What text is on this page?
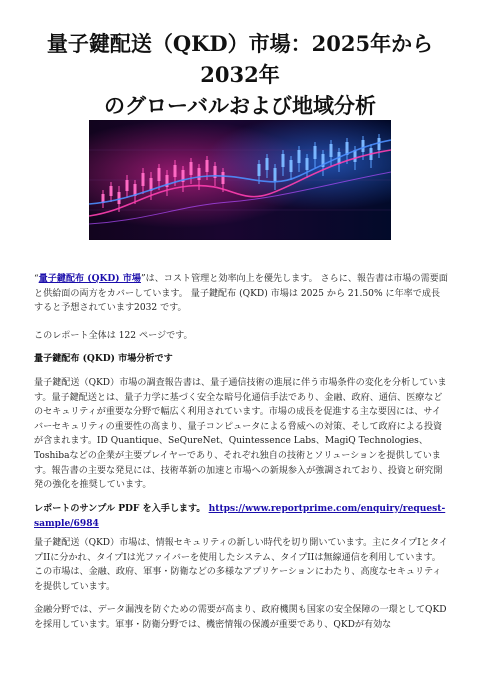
量子鍵配送（QKD）市場：2025年から2032年
のグローバルおよび地域分析
“量子鍵配布 (QKD) 市場”は、コスト管理と効率向上を優先します。 さらに、報告書は市場の需要面と供給面の両方をカバーしています。 量子鍵配布 (QKD) 市場は 2025 から 21.50% に年率で成長すると予想されています2032 です。
このレポート全体は 122 ページです。
量子鍵配布 (QKD) 市場分析です
量子鍵配送（QKD）市場の調査報告書は、量子通信技術の進展に伴う市場条件の変化を分析しています。量子鍵配送とは、量子力学に基づく安全な暗号化通信手法であり、金融、政府、通信、医療などのセキュリティが重要な分野で幅広く利用されています。市場の成長を促進する主な要因には、サイバーセキュリティの重要性の高まり、量子コンピュータによる脅威への対策、そして政府による投資が含まれます。ID Quantique、SeQureNet、Quintessence Labs、MagiQ Technologies、Toshibaなどの企業が主要プレイヤーであり、それぞれ独自の技術とソリューションを提供しています。報告書の主要な発見には、技術革新の加速と市場への新規参入が強調されており、投資と研究開発の強化を推奨しています。
レポートのサンプル PDF を入手します。 https://www.reportprime.com/enquiry/request-sample/6984
量子鍵配送（QKD）市場は、情報セキュリティの新しい時代を切り開いています。主にタイプIとタイプIIに分かれ、タイプIは光ファイバーを使用したシステム、タイプIIは無線通信を利用しています。この市場は、金融、政府、軍事・防衛などの多様なアプリケーションにわたり、高度なセキュリティを提供しています。
金融分野では、データ漏洩を防ぐための需要が高まり、政府機関も国家の安全保障の一環としてQKDを採用しています。軍事・防衛分野では、機密情報の保護が重要であり、QKDが有効な
